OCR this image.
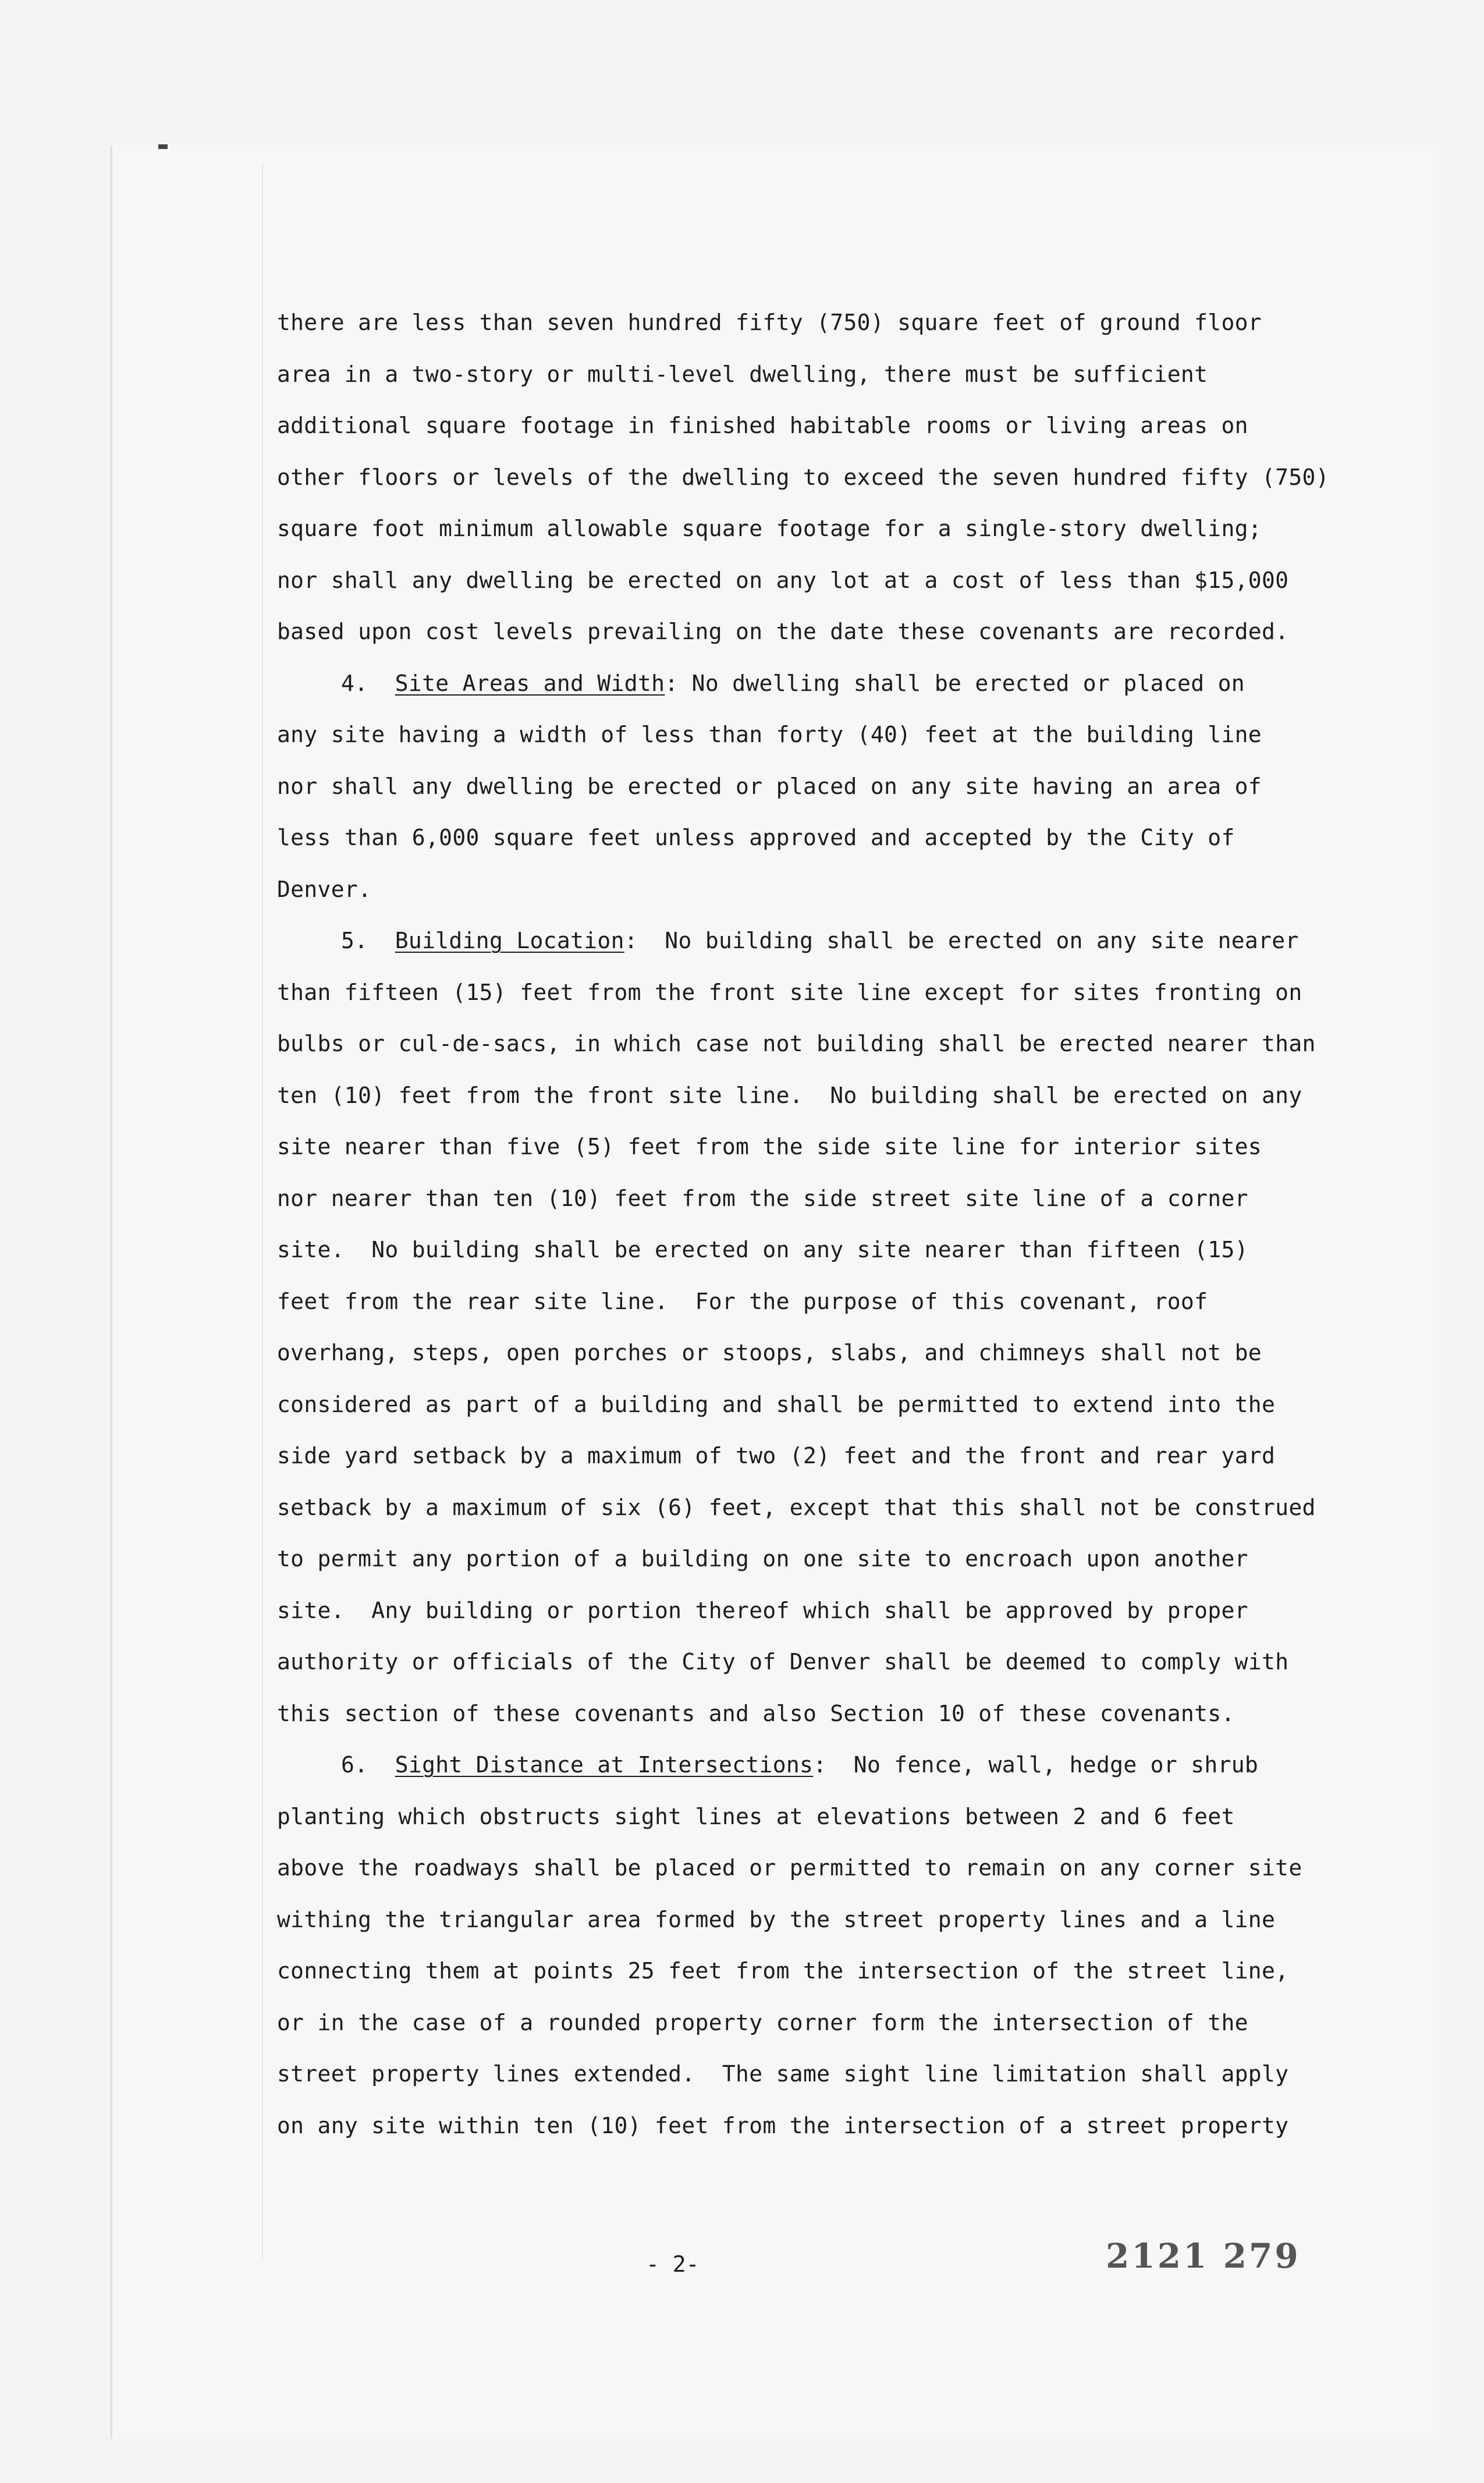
there are less than seven hundred fifty (750) square feet of ground floor
area in a two-story or multi-level dwelling, there must be sufficient
additional square footage in finished habitable rooms or living areas on
other floors or levels of the dwelling to exceed the seven hundred fifty (750)
square foot minimum allowable square footage for a single-story dwelling;
nor shall any dwelling be erected on any lot at a cost of less than $15,000
based upon cost levels prevailing on the date these covenants are recorded.
4. Site Areas and Width: No dwelling shall be erected or placed on
any site having a width of less than forty (40) feet at the building line
nor shall any dwelling be erected or placed on any site having an area of
less than 6,000 square feet unless approved and accepted by the City of
Denver.
5. Building Location:  No building shall be erected on any site nearer
than fifteen (15) feet from the front site line except for sites fronting on
bulbs or cul-de-sacs, in which case not building shall be erected nearer than
ten (10) feet from the front site line.  No building shall be erected on any
site nearer than five (5) feet from the side site line for interior sites
nor nearer than ten (10) feet from the side street site line of a corner
site.  No building shall be erected on any site nearer than fifteen (15)
feet from the rear site line.  For the purpose of this covenant, roof
overhang, steps, open porches or stoops, slabs, and chimneys shall not be
considered as part of a building and shall be permitted to extend into the
side yard setback by a maximum of two (2) feet and the front and rear yard
setback by a maximum of six (6) feet, except that this shall not be construed
to permit any portion of a building on one site to encroach upon another
site.  Any building or portion thereof which shall be approved by proper
authority or officials of the City of Denver shall be deemed to comply with
this section of these covenants and also Section 10 of these covenants.
6. Sight Distance at Intersections:  No fence, wall, hedge or shrub
planting which obstructs sight lines at elevations between 2 and 6 feet
above the roadways shall be placed or permitted to remain on any corner site
withing the triangular area formed by the street property lines and a line
connecting them at points 25 feet from the intersection of the street line,
or in the case of a rounded property corner form the intersection of the
street property lines extended.  The same sight line limitation shall apply
on any site within ten (10) feet from the intersection of a street property
- 2-	2121 279
